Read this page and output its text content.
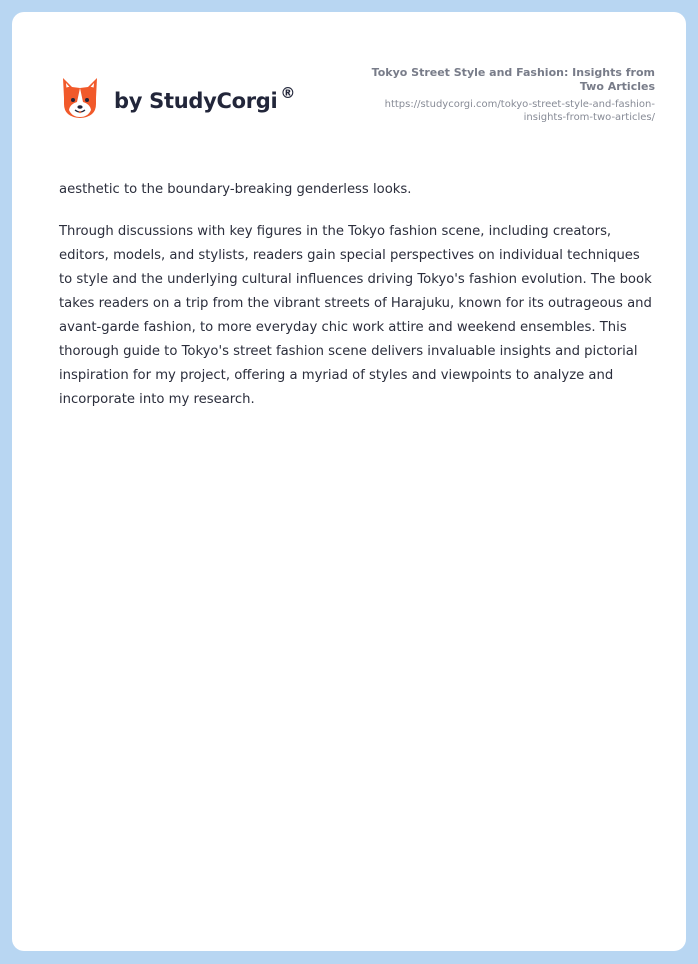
by StudyCorgi ®
Tokyo Street Style and Fashion: Insights from Two Articles
https://studycorgi.com/tokyo-street-style-and-fashion-insights-from-two-articles/

aesthetic to the boundary-breaking genderless looks.

Through discussions with key figures in the Tokyo fashion scene, including creators, editors, models, and stylists, readers gain special perspectives on individual techniques to style and the underlying cultural influences driving Tokyo's fashion evolution. The book takes readers on a trip from the vibrant streets of Harajuku, known for its outrageous and avant-garde fashion, to more everyday chic work attire and weekend ensembles. This thorough guide to Tokyo's street fashion scene delivers invaluable insights and pictorial inspiration for my project, offering a myriad of styles and viewpoints to analyze and incorporate into my research.
